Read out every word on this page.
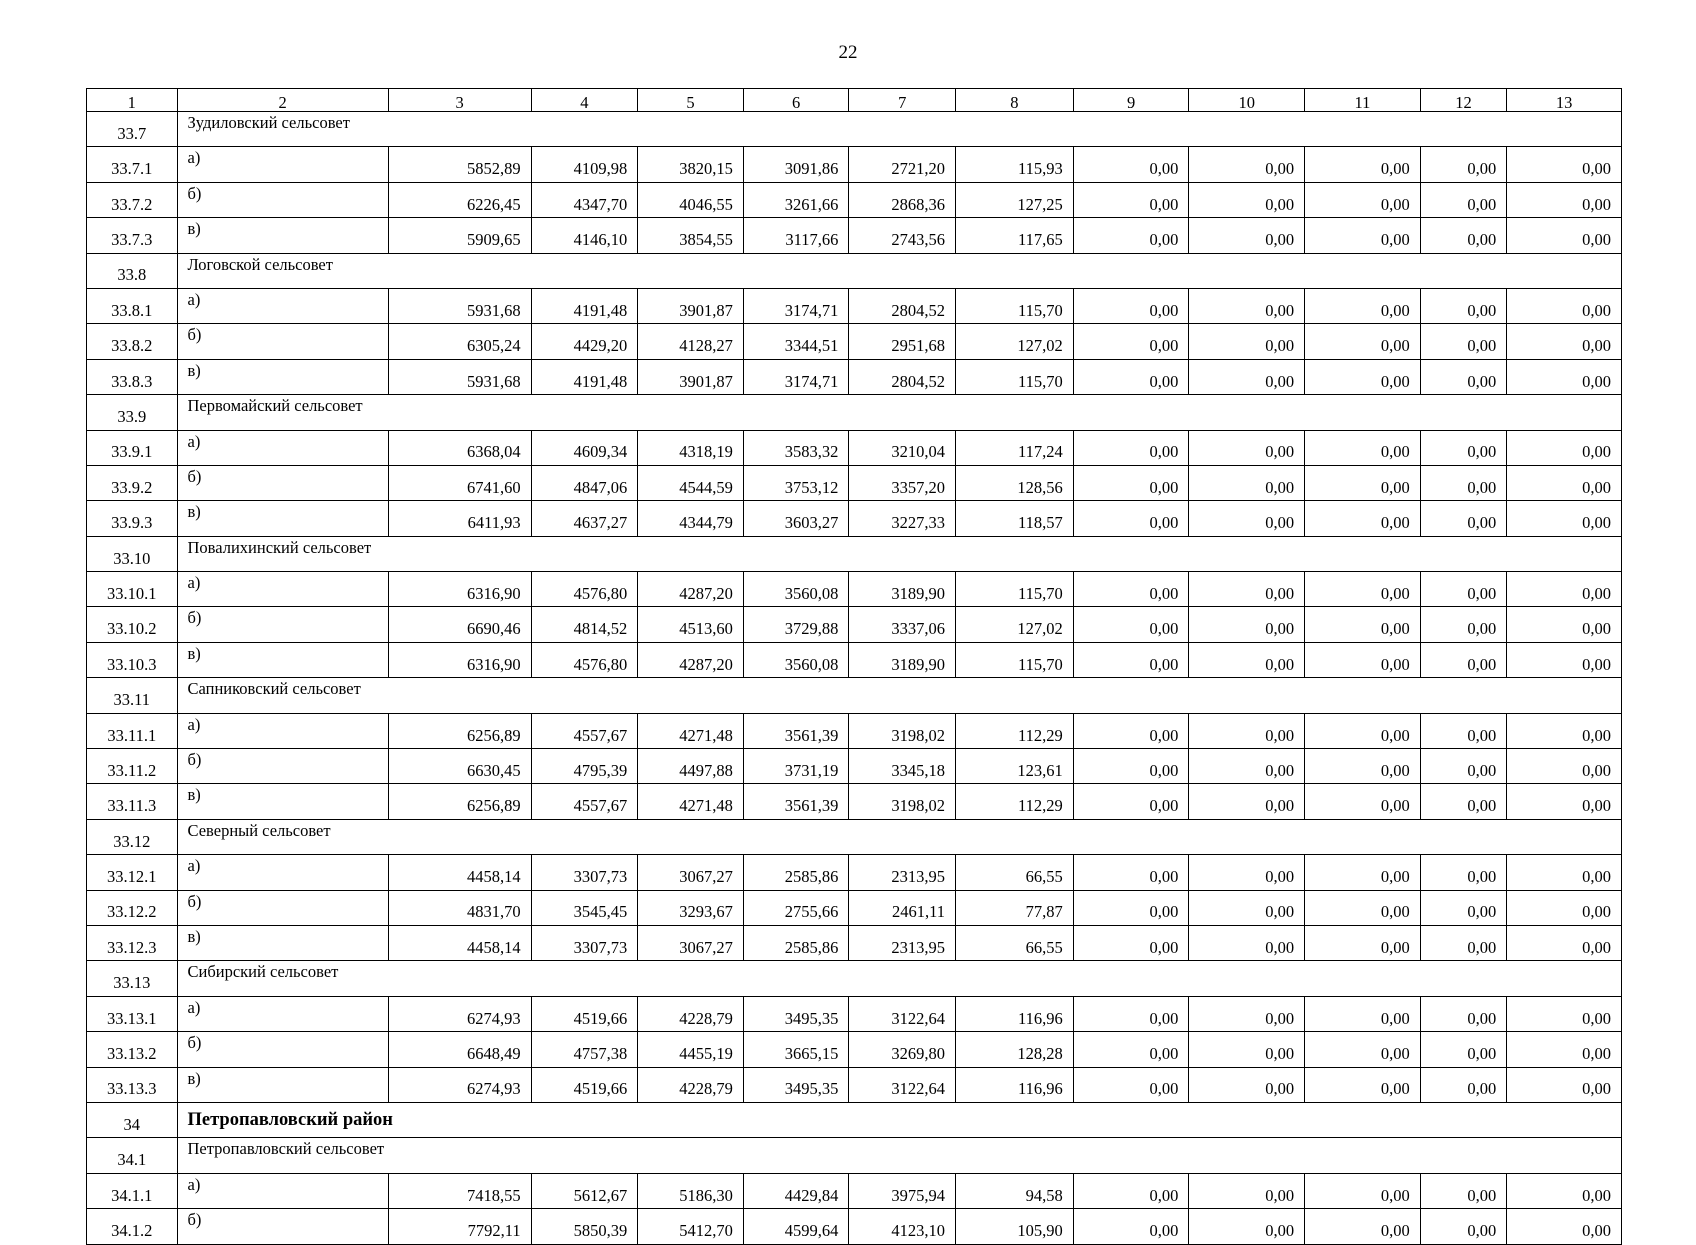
22
1	2	3	4	5	6	7	8	9	10	11	12	13
33.7	Зудиловский сельсовет											
33.7.1	а)	5852,89	4109,98	3820,15	3091,86	2721,20	115,93	0,00	0,00	0,00	0,00	0,00
33.7.2	б)	6226,45	4347,70	4046,55	3261,66	2868,36	127,25	0,00	0,00	0,00	0,00	0,00
33.7.3	в)	5909,65	4146,10	3854,55	3117,66	2743,56	117,65	0,00	0,00	0,00	0,00	0,00
33.8	Логовской сельсовет											
33.8.1	а)	5931,68	4191,48	3901,87	3174,71	2804,52	115,70	0,00	0,00	0,00	0,00	0,00
33.8.2	б)	6305,24	4429,20	4128,27	3344,51	2951,68	127,02	0,00	0,00	0,00	0,00	0,00
33.8.3	в)	5931,68	4191,48	3901,87	3174,71	2804,52	115,70	0,00	0,00	0,00	0,00	0,00
33.9	Первомайский сельсовет											
33.9.1	а)	6368,04	4609,34	4318,19	3583,32	3210,04	117,24	0,00	0,00	0,00	0,00	0,00
33.9.2	б)	6741,60	4847,06	4544,59	3753,12	3357,20	128,56	0,00	0,00	0,00	0,00	0,00
33.9.3	в)	6411,93	4637,27	4344,79	3603,27	3227,33	118,57	0,00	0,00	0,00	0,00	0,00
33.10	Повалихинский сельсовет											
33.10.1	а)	6316,90	4576,80	4287,20	3560,08	3189,90	115,70	0,00	0,00	0,00	0,00	0,00
33.10.2	б)	6690,46	4814,52	4513,60	3729,88	3337,06	127,02	0,00	0,00	0,00	0,00	0,00
33.10.3	в)	6316,90	4576,80	4287,20	3560,08	3189,90	115,70	0,00	0,00	0,00	0,00	0,00
33.11	Сапниковский сельсовет											
33.11.1	а)	6256,89	4557,67	4271,48	3561,39	3198,02	112,29	0,00	0,00	0,00	0,00	0,00
33.11.2	б)	6630,45	4795,39	4497,88	3731,19	3345,18	123,61	0,00	0,00	0,00	0,00	0,00
33.11.3	в)	6256,89	4557,67	4271,48	3561,39	3198,02	112,29	0,00	0,00	0,00	0,00	0,00
33.12	Северный сельсовет											
33.12.1	а)	4458,14	3307,73	3067,27	2585,86	2313,95	66,55	0,00	0,00	0,00	0,00	0,00
33.12.2	б)	4831,70	3545,45	3293,67	2755,66	2461,11	77,87	0,00	0,00	0,00	0,00	0,00
33.12.3	в)	4458,14	3307,73	3067,27	2585,86	2313,95	66,55	0,00	0,00	0,00	0,00	0,00
33.13	Сибирский сельсовет											
33.13.1	а)	6274,93	4519,66	4228,79	3495,35	3122,64	116,96	0,00	0,00	0,00	0,00	0,00
33.13.2	б)	6648,49	4757,38	4455,19	3665,15	3269,80	128,28	0,00	0,00	0,00	0,00	0,00
33.13.3	в)	6274,93	4519,66	4228,79	3495,35	3122,64	116,96	0,00	0,00	0,00	0,00	0,00
34	Петропавловский район											
34.1	Петропавловский сельсовет											
34.1.1	а)	7418,55	5612,67	5186,30	4429,84	3975,94	94,58	0,00	0,00	0,00	0,00	0,00
34.1.2	б)	7792,11	5850,39	5412,70	4599,64	4123,10	105,90	0,00	0,00	0,00	0,00	0,00
